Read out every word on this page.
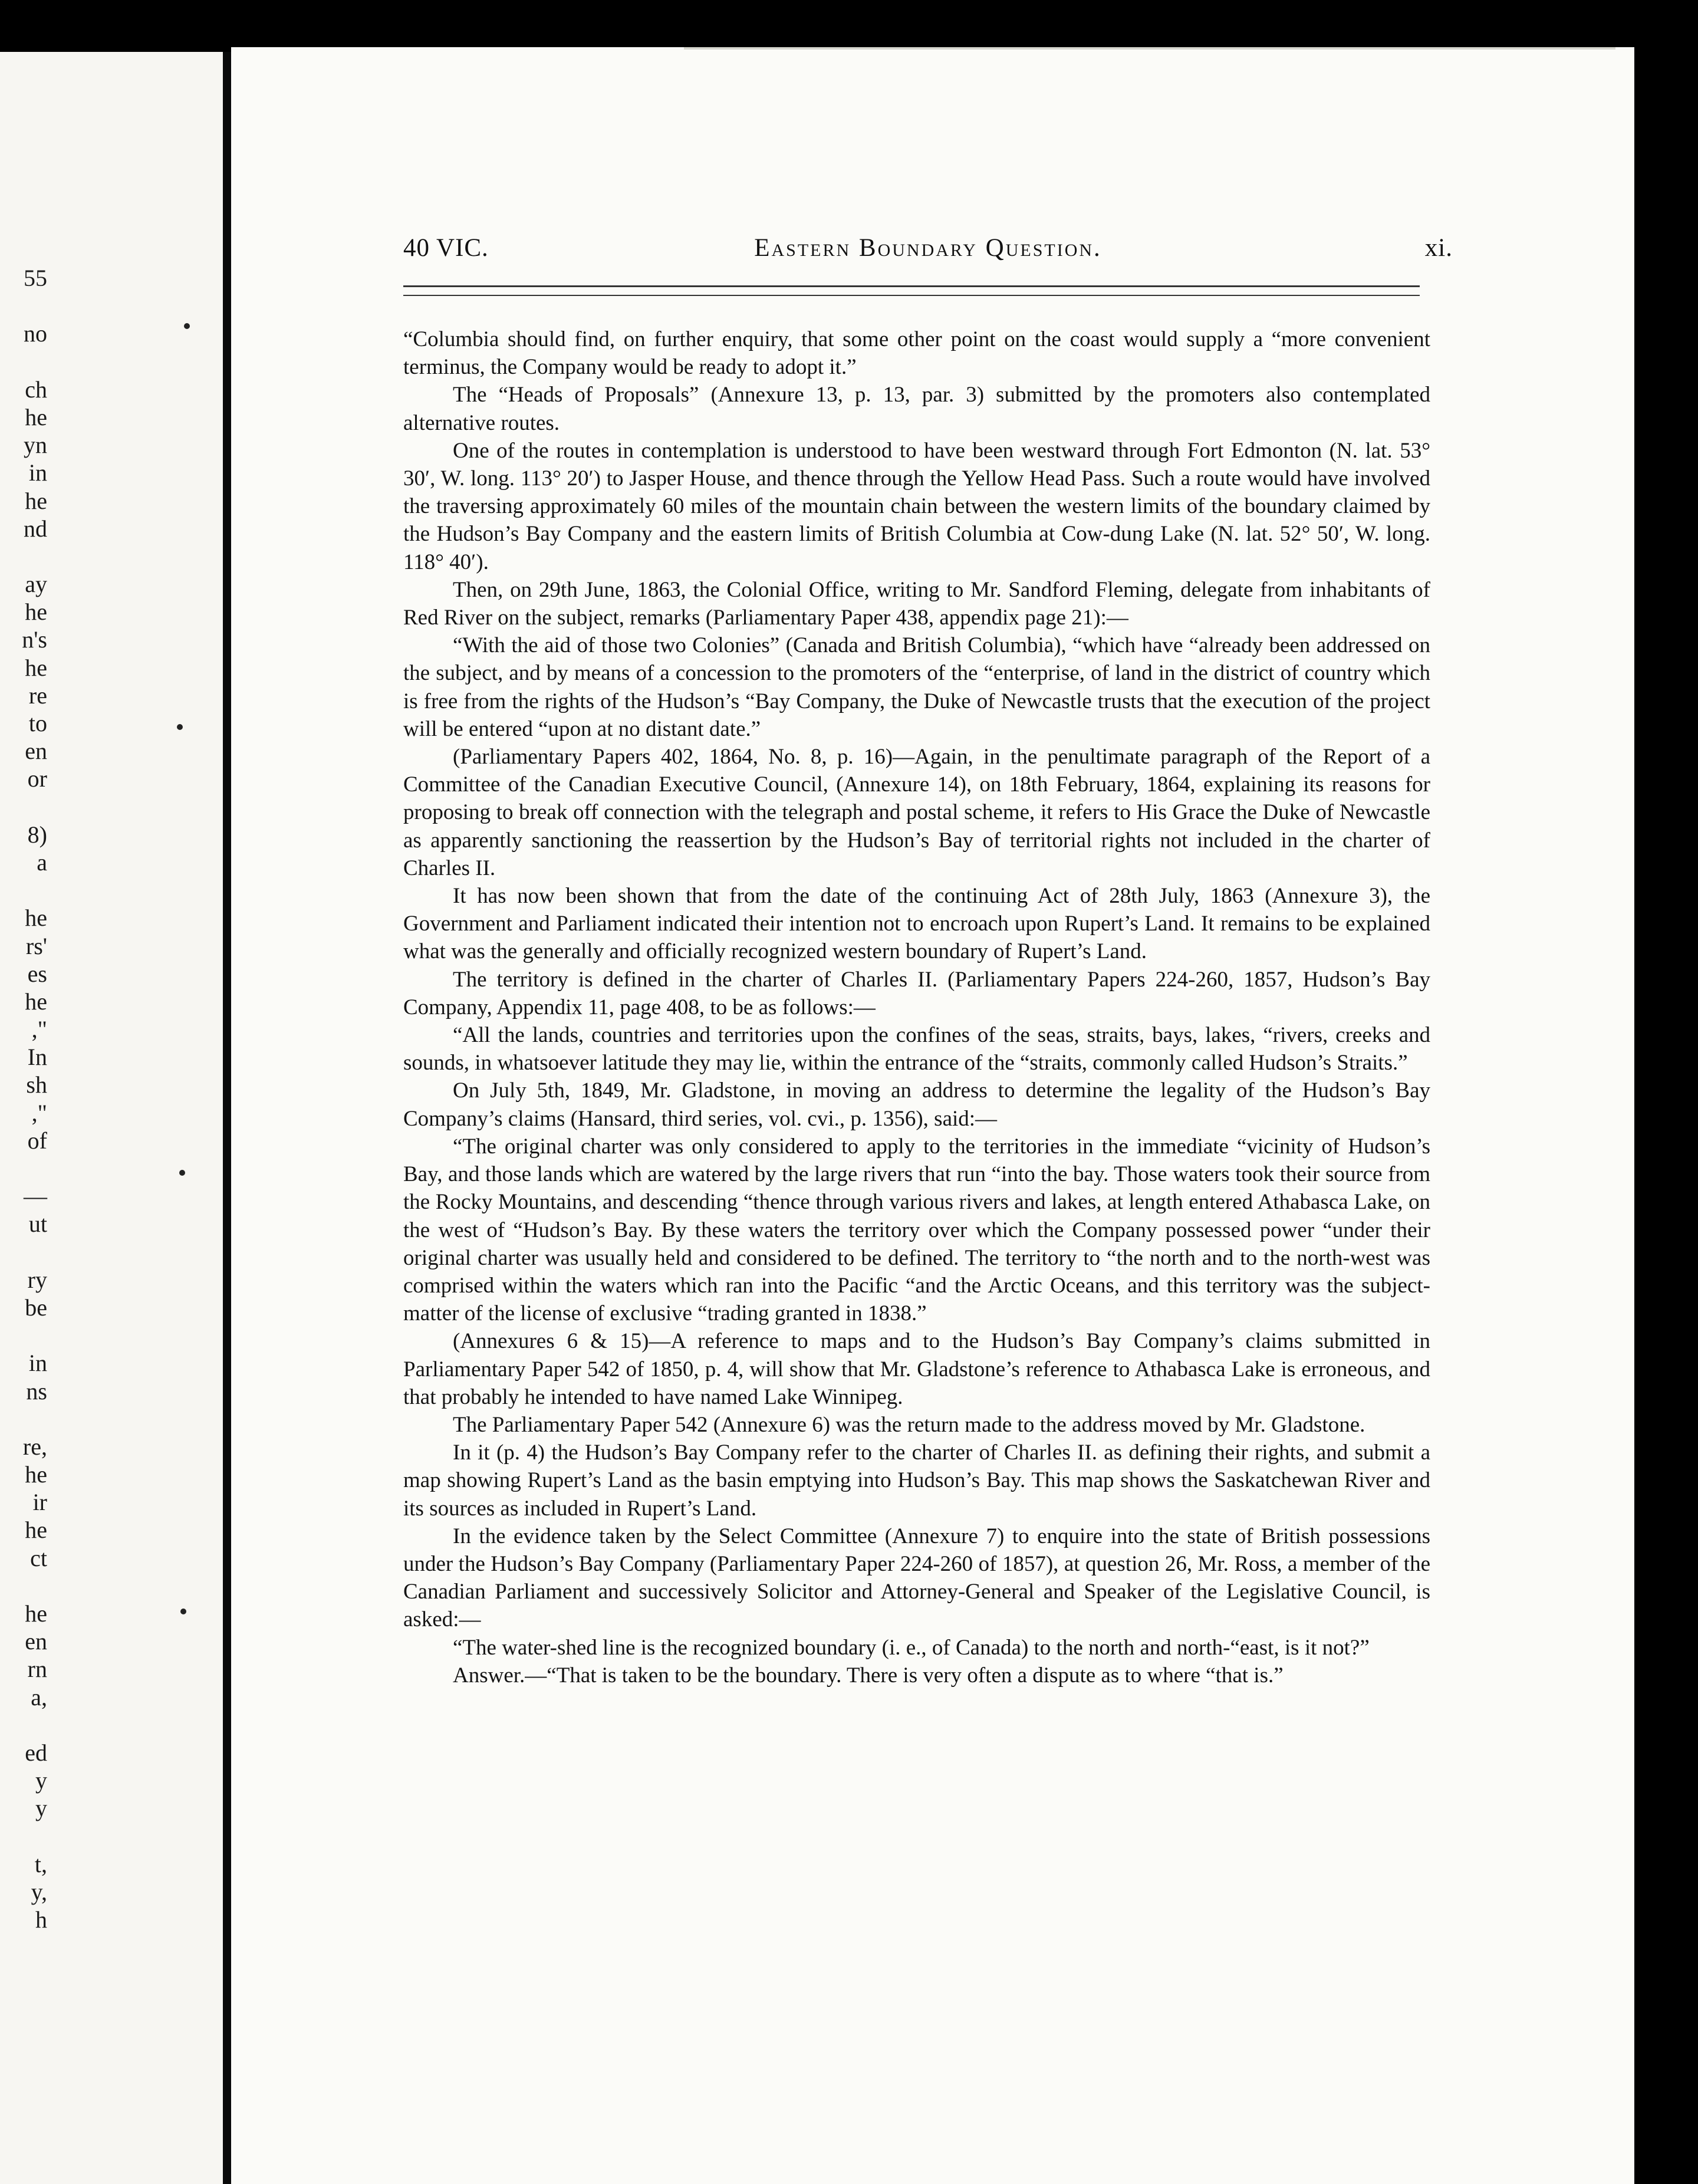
55
no
ch
he
yn
in
he
nd
ay
he
n's
he
re
to
en
or
8)
a
he
rs'
es
he
,"
In
sh
,"
of
—
ut
ry
be
in
ns
re,
he
ir
he
ct
he
en
rn
a,
ed
y
y
t,
y,
h
40 VIC.	Eastern Boundary Question.	xi.

“Columbia should find, on further enquiry, that some other point on the coast would supply a “more convenient terminus, the Company would be ready to adopt it.”

The “Heads of Proposals” (Annexure 13, p. 13, par. 3) submitted by the promoters also contemplated alternative routes.

One of the routes in contemplation is understood to have been westward through Fort Edmonton (N. lat. 53° 30′, W. long. 113° 20′) to Jasper House, and thence through the Yellow Head Pass. Such a route would have involved the traversing approximately 60 miles of the mountain chain between the western limits of the boundary claimed by the Hudson’s Bay Company and the eastern limits of British Columbia at Cow-dung Lake (N. lat. 52° 50′, W. long. 118° 40′).

Then, on 29th June, 1863, the Colonial Office, writing to Mr. Sandford Fleming, delegate from inhabitants of Red River on the subject, remarks (Parliamentary Paper 438, appendix page 21):—

“With the aid of those two Colonies” (Canada and British Columbia), “which have “already been addressed on the subject, and by means of a concession to the promoters of the “enterprise, of land in the district of country which is free from the rights of the Hudson’s “Bay Company, the Duke of Newcastle trusts that the execution of the project will be entered “upon at no distant date.”

(Parliamentary Papers 402, 1864, No. 8, p. 16)—Again, in the penultimate paragraph of the Report of a Committee of the Canadian Executive Council, (Annexure 14), on 18th February, 1864, explaining its reasons for proposing to break off connection with the telegraph and postal scheme, it refers to His Grace the Duke of Newcastle as apparently sanctioning the reassertion by the Hudson’s Bay of territorial rights not included in the charter of Charles II.

It has now been shown that from the date of the continuing Act of 28th July, 1863 (Annexure 3), the Government and Parliament indicated their intention not to encroach upon Rupert’s Land. It remains to be explained what was the generally and officially recognized western boundary of Rupert’s Land.

The territory is defined in the charter of Charles II. (Parliamentary Papers 224-260, 1857, Hudson’s Bay Company, Appendix 11, page 408, to be as follows:—

“All the lands, countries and territories upon the confines of the seas, straits, bays, lakes, “rivers, creeks and sounds, in whatsoever latitude they may lie, within the entrance of the “straits, commonly called Hudson’s Straits.”

On July 5th, 1849, Mr. Gladstone, in moving an address to determine the legality of the Hudson’s Bay Company’s claims (Hansard, third series, vol. cvi., p. 1356), said:—

“The original charter was only considered to apply to the territories in the immediate “vicinity of Hudson’s Bay, and those lands which are watered by the large rivers that run “into the bay. Those waters took their source from the Rocky Mountains, and descending “thence through various rivers and lakes, at length entered Athabasca Lake, on the west of “Hudson’s Bay. By these waters the territory over which the Company possessed power “under their original charter was usually held and considered to be defined. The territory to “the north and to the north-west was comprised within the waters which ran into the Pacific “and the Arctic Oceans, and this territory was the subject-matter of the license of exclusive “trading granted in 1838.”

(Annexures 6 & 15)—A reference to maps and to the Hudson’s Bay Company’s claims submitted in Parliamentary Paper 542 of 1850, p. 4, will show that Mr. Gladstone’s reference to Athabasca Lake is erroneous, and that probably he intended to have named Lake Winnipeg.

The Parliamentary Paper 542 (Annexure 6) was the return made to the address moved by Mr. Gladstone.

In it (p. 4) the Hudson’s Bay Company refer to the charter of Charles II. as defining their rights, and submit a map showing Rupert’s Land as the basin emptying into Hudson’s Bay. This map shows the Saskatchewan River and its sources as included in Rupert’s Land.

In the evidence taken by the Select Committee (Annexure 7) to enquire into the state of British possessions under the Hudson’s Bay Company (Parliamentary Paper 224-260 of 1857), at question 26, Mr. Ross, a member of the Canadian Parliament and successively Solicitor and Attorney-General and Speaker of the Legislative Council, is asked:—

“The water-shed line is the recognized boundary (i. e., of Canada) to the north and north-“east, is it not?”

Answer.—“That is taken to be the boundary. There is very often a dispute as to where “that is.”
